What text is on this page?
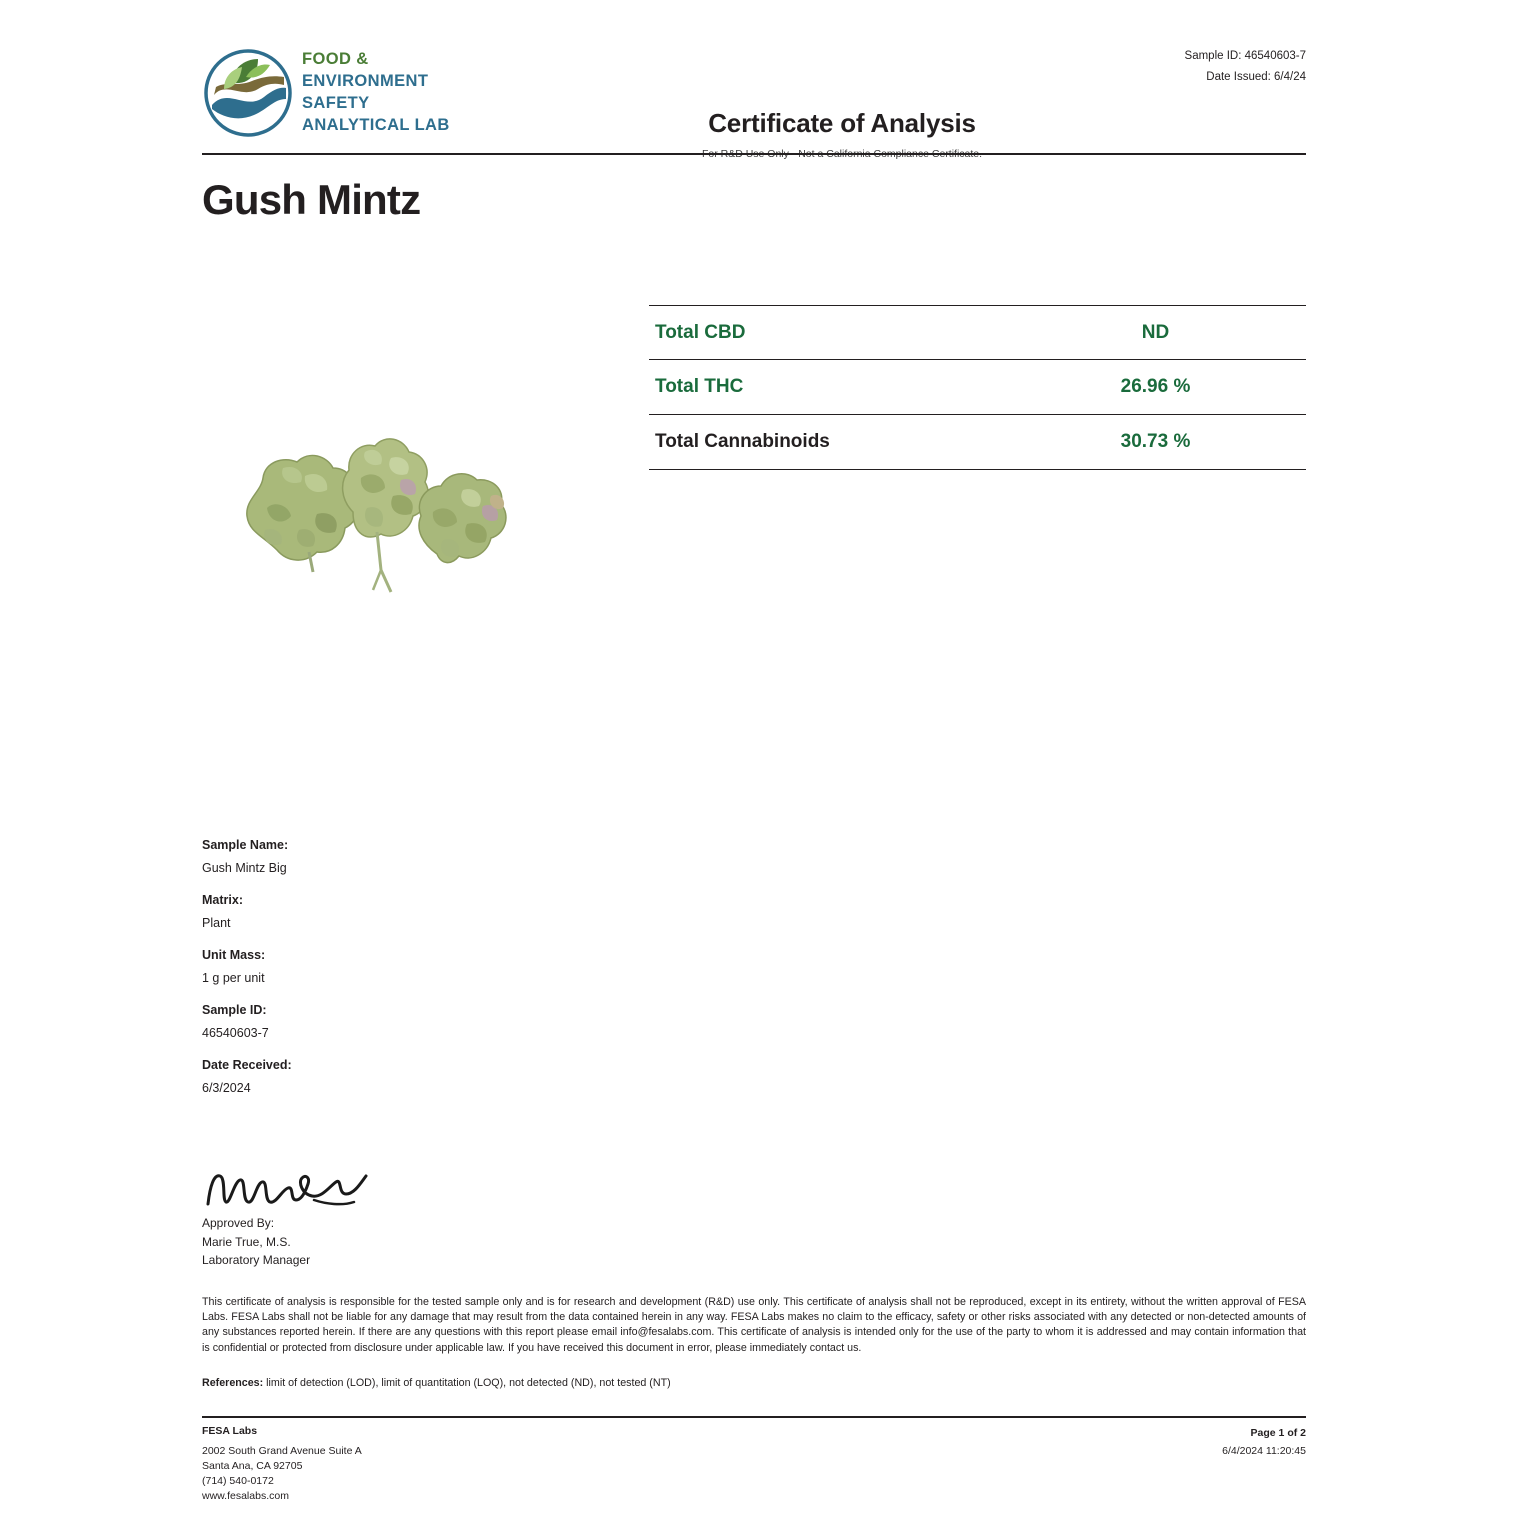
FOOD &
ENVIRONMENT
SAFETY
ANALYTICAL LAB	Certificate of Analysis
Sample ID: 46540603-7
Date Issued: 6/4/24
Gush Mintz
Total CBD	ND
Total THC	26.96 %
Total Cannabinoids	30.73 %
Sample Name:
Gush Mintz Big
Matrix:
Plant
Unit Mass:
1 g per unit
Sample ID:
46540603-7
Date Received:
6/3/2024
Approved By:
Marie True, M.S.
Laboratory Manager
This certificate of analysis is responsible for the tested sample only and is for research and development (R&D) use only. This certificate of analysis shall not be reproduced, except in its entirety, without the written approval of FESA Labs. FESA Labs shall not be liable for any damage that may result from the data contained herein in any way. FESA Labs makes no claim to the efficacy, safety or other risks associated with any detected or non-detected amounts of any substances reported herein. If there are any questions with this report please email info@fesalabs.com. This certificate of analysis is intended only for the use of the party to whom it is addressed and may contain information that is confidential or protected from disclosure under applicable law. If you have received this document in error, please immediately contact us.
References: limit of detection (LOD), limit of quantitation (LOQ), not detected (ND), not tested (NT)
FESA Labs
2002 South Grand Avenue Suite A
Santa Ana, CA 92705
(714) 540-0172
www.fesalabs.com
Page 1 of 2
6/4/2024 11:20:45
